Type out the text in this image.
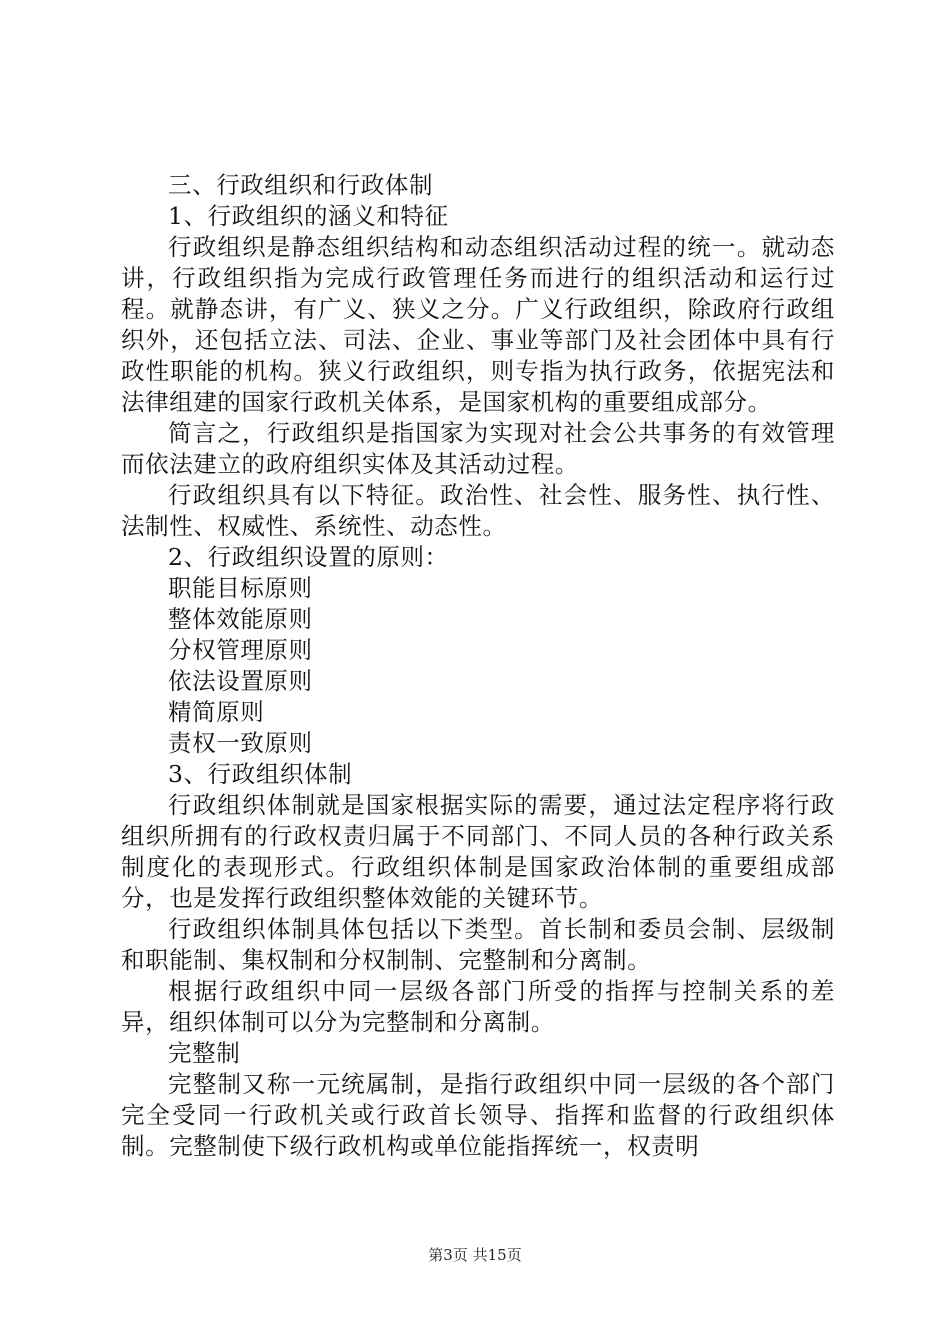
三、行政组织和行政体制

1、行政组织的涵义和特征

行政组织是静态组织结构和动态组织活动过程的统一。就动态讲，行政组织指为完成行政管理任务而进行的组织活动和运行过程。就静态讲，有广义、狭义之分。广义行政组织，除政府行政组织外，还包括立法、司法、企业、事业等部门及社会团体中具有行政性职能的机构。狭义行政组织，则专指为执行政务，依据宪法和法律组建的国家行政机关体系，是国家机构的重要组成部分。

简言之，行政组织是指国家为实现对社会公共事务的有效管理而依法建立的政府组织实体及其活动过程。

行政组织具有以下特征。政治性、社会性、服务性、执行性、法制性、权威性、系统性、动态性。

2、行政组织设置的原则：

职能目标原则

整体效能原则

分权管理原则

依法设置原则

精简原则

责权一致原则

3、行政组织体制

行政组织体制就是国家根据实际的需要，通过法定程序将行政组织所拥有的行政权责归属于不同部门、不同人员的各种行政关系制度化的表现形式。行政组织体制是国家政治体制的重要组成部分，也是发挥行政组织整体效能的关键环节。

行政组织体制具体包括以下类型。首长制和委员会制、层级制和职能制、集权制和分权制制、完整制和分离制。

根据行政组织中同一层级各部门所受的指挥与控制关系的差异，组织体制可以分为完整制和分离制。

完整制

完整制又称一元统属制，是指行政组织中同一层级的各个部门完全受同一行政机关或行政首长领导、指挥和监督的行政组织体制。完整制使下级行政机构或单位能指挥统一，权责明

第3页 共15页
